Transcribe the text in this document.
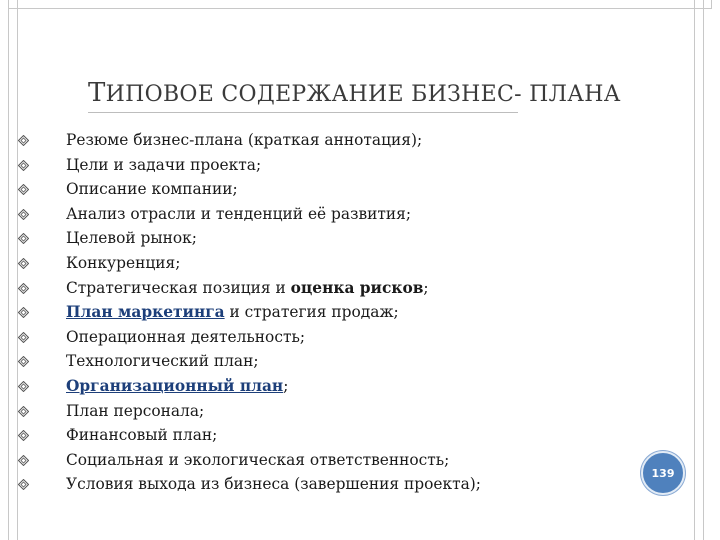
ТИПОВОЕ СОДЕРЖАНИЕ БИЗНЕС- ПЛАНА
Резюме бизнес-плана (краткая аннотация);
Цели и задачи проекта;
Описание компании;
Анализ отрасли и тенденций её развития;
Целевой рынок;
Конкуренция;
Стратегическая позиция и оценка рисков;
План маркетинга и стратегия продаж;
Операционная деятельность;
Технологический план;
Организационный план;
План персонала;
Финансовый план;
Социальная и экологическая ответственность;
Условия выхода из бизнеса (завершения проекта);
139
